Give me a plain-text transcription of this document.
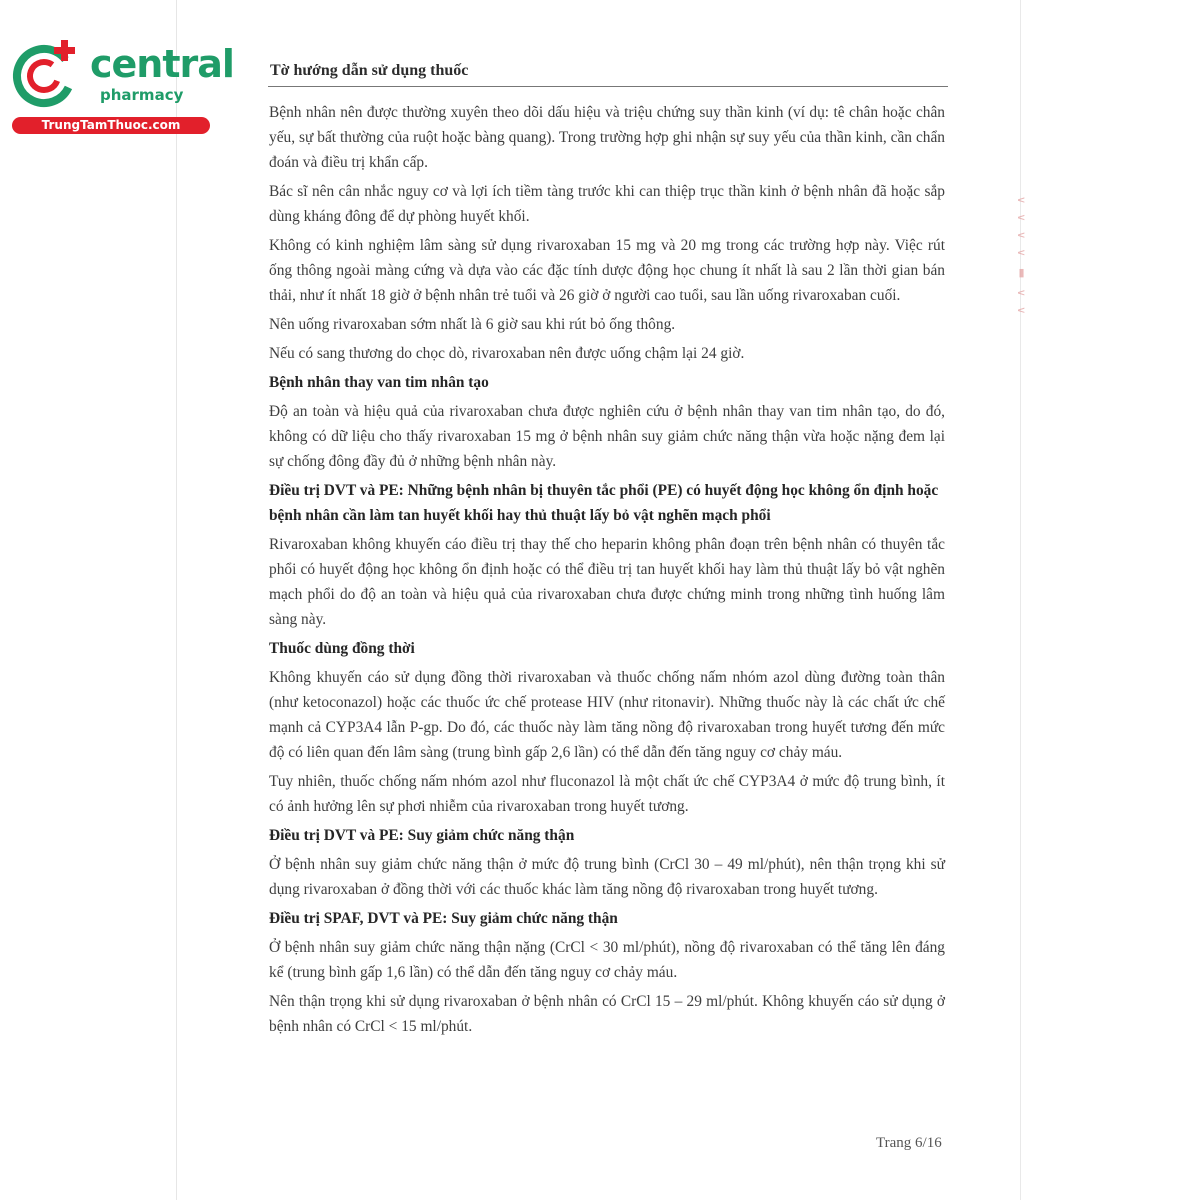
central
pharmacy
TrungTamThuoc.com
Tờ hướng dẫn sử dụng thuốc

Bệnh nhân nên được thường xuyên theo dõi dấu hiệu và triệu chứng suy thần kinh (ví dụ: tê chân hoặc chân yếu, sự bất thường của ruột hoặc bàng quang). Trong trường hợp ghi nhận sự suy yếu của thần kinh, cần chẩn đoán và điều trị khẩn cấp.

Bác sĩ nên cân nhắc nguy cơ và lợi ích tiềm tàng trước khi can thiệp trục thần kinh ở bệnh nhân đã hoặc sắp dùng kháng đông để dự phòng huyết khối.

Không có kinh nghiệm lâm sàng sử dụng rivaroxaban 15 mg và 20 mg trong các trường hợp này. Việc rút ống thông ngoài màng cứng và dựa vào các đặc tính dược động học chung ít nhất là sau 2 lần thời gian bán thải, như ít nhất 18 giờ ở bệnh nhân trẻ tuổi và 26 giờ ở người cao tuổi, sau lần uống rivaroxaban cuối.

Nên uống rivaroxaban sớm nhất là 6 giờ sau khi rút bỏ ống thông.

Nếu có sang thương do chọc dò, rivaroxaban nên được uống chậm lại 24 giờ.

Bệnh nhân thay van tim nhân tạo

Độ an toàn và hiệu quả của rivaroxaban chưa được nghiên cứu ở bệnh nhân thay van tim nhân tạo, do đó, không có dữ liệu cho thấy rivaroxaban 15 mg ở bệnh nhân suy giảm chức năng thận vừa hoặc nặng đem lại sự chống đông đầy đủ ở những bệnh nhân này.

Điều trị DVT và PE: Những bệnh nhân bị thuyên tắc phổi (PE) có huyết động học không ổn định hoặc bệnh nhân cần làm tan huyết khối hay thủ thuật lấy bỏ vật nghẽn mạch phổi

Rivaroxaban không khuyến cáo điều trị thay thế cho heparin không phân đoạn trên bệnh nhân có thuyên tắc phổi có huyết động học không ổn định hoặc có thể điều trị tan huyết khối hay làm thủ thuật lấy bỏ vật nghẽn mạch phổi do độ an toàn và hiệu quả của rivaroxaban chưa được chứng minh trong những tình huống lâm sàng này.

Thuốc dùng đồng thời

Không khuyến cáo sử dụng đồng thời rivaroxaban và thuốc chống nấm nhóm azol dùng đường toàn thân (như ketoconazol) hoặc các thuốc ức chế protease HIV (như ritonavir). Những thuốc này là các chất ức chế mạnh cả CYP3A4 lẫn P-gp. Do đó, các thuốc này làm tăng nồng độ rivaroxaban trong huyết tương đến mức độ có liên quan đến lâm sàng (trung bình gấp 2,6 lần) có thể dẫn đến tăng nguy cơ chảy máu.

Tuy nhiên, thuốc chống nấm nhóm azol như fluconazol là một chất ức chế CYP3A4 ở mức độ trung bình, ít có ảnh hưởng lên sự phơi nhiễm của rivaroxaban trong huyết tương.

Điều trị DVT và PE: Suy giảm chức năng thận

Ở bệnh nhân suy giảm chức năng thận ở mức độ trung bình (CrCl 30 – 49 ml/phút), nên thận trọng khi sử dụng rivaroxaban ở đồng thời với các thuốc khác làm tăng nồng độ rivaroxaban trong huyết tương.

Điều trị SPAF, DVT và PE: Suy giảm chức năng thận

Ở bệnh nhân suy giảm chức năng thận nặng (CrCl < 30 ml/phút), nồng độ rivaroxaban có thể tăng lên đáng kể (trung bình gấp 1,6 lần) có thể dẫn đến tăng nguy cơ chảy máu.

Nên thận trọng khi sử dụng rivaroxaban ở bệnh nhân có CrCl 15 – 29 ml/phút. Không khuyến cáo sử dụng ở bệnh nhân có CrCl < 15 ml/phút.

Trang 6/16
∨ ∨ ∨ ∨ ▮ ∨ ∨
